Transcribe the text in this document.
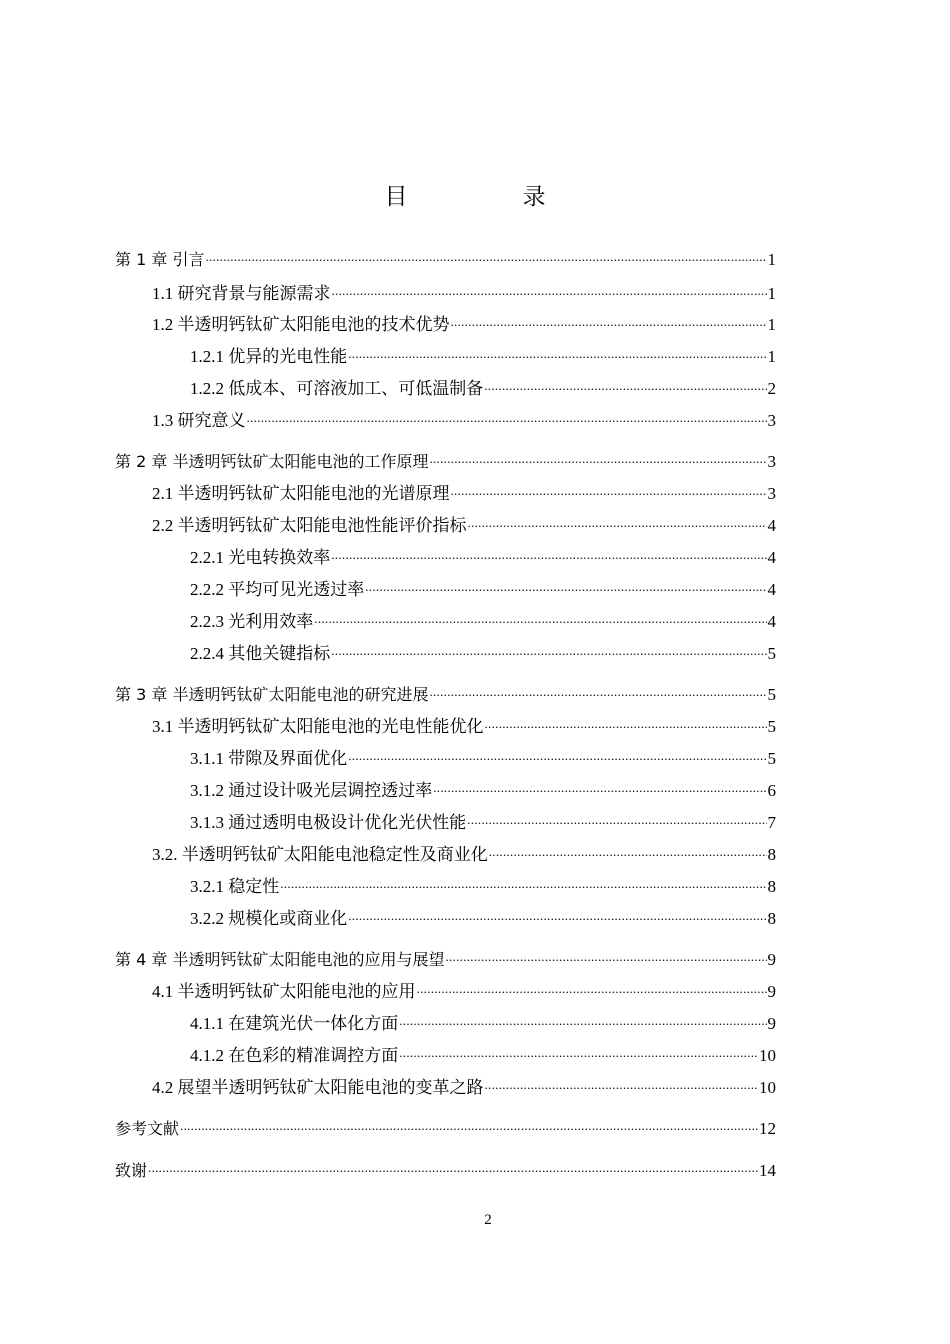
目　录
第 1 章 引言 .....	1
1.1 研究背景与能源需求 .....	1
1.2 半透明钙钛矿太阳能电池的技术优势 .....	1
1.2.1 优异的光电性能 .....	1
1.2.2 低成本、可溶液加工、可低温制备 .....	2
1.3 研究意义 .....	3
第 2 章 半透明钙钛矿太阳能电池的工作原理 .....	3
2.1 半透明钙钛矿太阳能电池的光谱原理 .....	3
2.2 半透明钙钛矿太阳能电池性能评价指标 .....	4
2.2.1 光电转换效率 .....	4
2.2.2 平均可见光透过率 .....	4
2.2.3 光利用效率 .....	4
2.2.4 其他关键指标 .....	5
第 3 章 半透明钙钛矿太阳能电池的研究进展 .....	5
3.1 半透明钙钛矿太阳能电池的光电性能优化 .....	5
3.1.1 带隙及界面优化 .....	5
3.1.2 通过设计吸光层调控透过率 .....	6
3.1.3 通过透明电极设计优化光伏性能 .....	7
3.2. 半透明钙钛矿太阳能电池稳定性及商业化 .....	8
3.2.1 稳定性 .....	8
3.2.2 规模化或商业化 .....	8
第 4 章 半透明钙钛矿太阳能电池的应用与展望 .....	9
4.1 半透明钙钛矿太阳能电池的应用 .....	9
4.1.1 在建筑光伏一体化方面 .....	9
4.1.2 在色彩的精准调控方面 .....	10
4.2 展望半透明钙钛矿太阳能电池的变革之路 .....	10
参考文献 .....	12
致谢 .....	14
2
